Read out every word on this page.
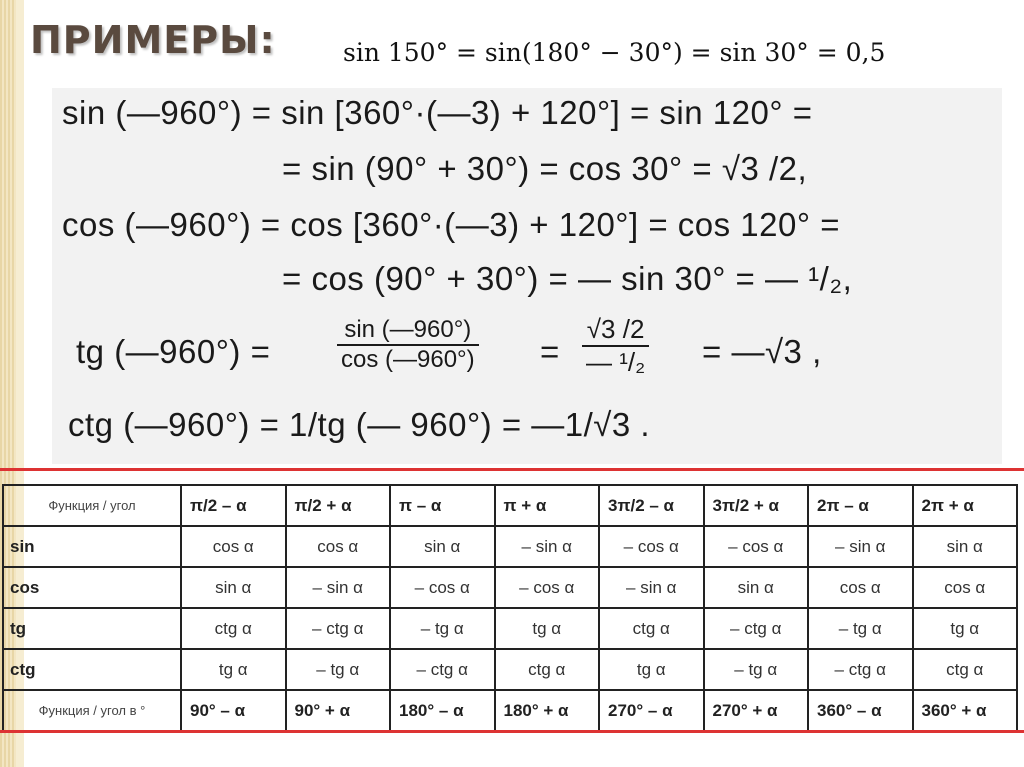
ПРИМЕРЫ:	sin 150° = sin(180° − 30°) = sin 30° = 0,5
sin (—960°) = sin [360°·(—3) + 120°] = sin 120° =
= sin (90° + 30°) = cos 30° = √3 /2,
cos (—960°) = cos [360°·(—3) + 120°] = cos 120° =
= cos (90° + 30°) = — sin 30° = — ¹/₂,
tg (—960°) =	$\frac{\sin (—960^\circ)}{\cos (—960^\circ)}$ =
√3 /2
— ¹/₂ = —√3 ,
ctg (—960°) = 1/tg (— 960°) = —1/√3 .
Функция / угол	π/2 – α	π/2 + α	π – α	π + α	3π/2 – α	3π/2 + α	2π – α	2π + α
sin	cos α	cos α	sin α	– sin α	– cos α	– cos α	– sin α	sin α
cos	sin α	– sin α	– cos α	– cos α	– sin α	sin α	cos α	cos α
tg	ctg α	– ctg α	– tg α	tg α	ctg α	– ctg α	– tg α	tg α
ctg	tg α	– tg α	– ctg α	ctg α	tg α	– tg α	– ctg α	ctg α
Функция / угол в °	90° – α	90° + α	180° – α	180° + α	270° – α	270° + α	360° – α	360° + α
